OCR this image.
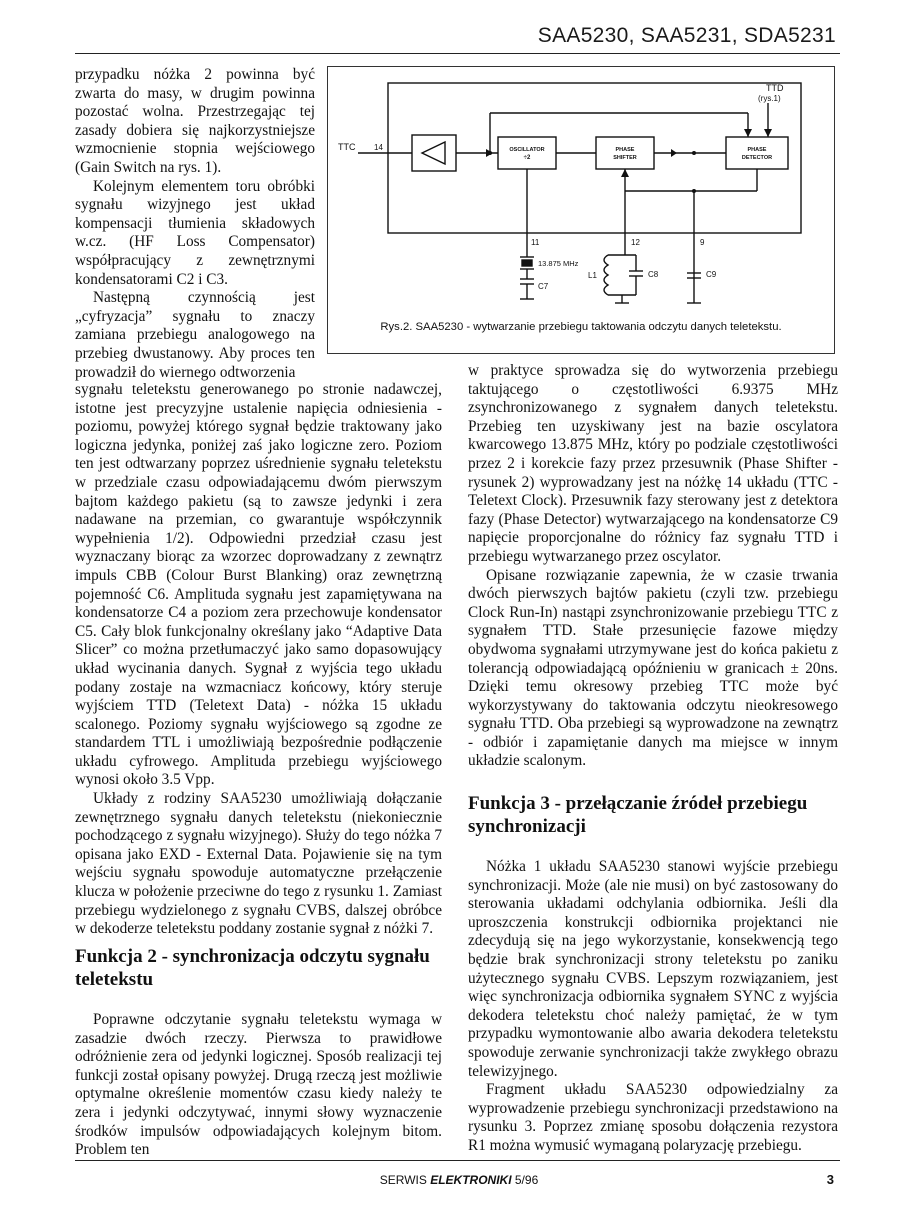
SAA5230, SAA5231, SDA5231

przypadku nóżka 2 powinna być zwarta do masy, w drugim powinna pozostać wolna. Przestrzegając tej zasady dobiera się najkorzystniejsze wzmocnienie stopnia wejściowego (Gain Switch na rys. 1).

Kolejnym elementem toru obróbki sygnału wizyjnego jest układ kompensacji tłumienia składowych w.cz. (HF Loss Compensator) współpracujący z zewnętrznymi kondensatorami C2 i C3.

Następną czynnością jest „cyfryzacja” sygnału to znaczy zamiana przebiegu analogowego na przebieg dwustanowy. Aby proces ten prowadził do wiernego odtworzenia

TTD
(rys.1)
TTC 14	OSCILLATOR
÷2
PHASE
SHIFTER
PHASE
DETECTOR
11	12	9
13.875 MHz
C7
L1	C8	C9
Rys.2. SAA5230 - wytwarzanie przebiegu taktowania odczytu danych teletekstu.

sygnału teletekstu generowanego po stronie nadawczej, istotne jest precyzyjne ustalenie napięcia odniesienia - poziomu, powyżej którego sygnał będzie traktowany jako logiczna jedynka, poniżej zaś jako logiczne zero. Poziom ten jest odtwarzany poprzez uśrednienie sygnału teletekstu w przedziale czasu odpowiadającemu dwóm pierwszym bajtom każdego pakietu (są to zawsze jedynki i zera nadawane na przemian, co gwarantuje współczynnik wypełnienia 1/2). Odpowiedni przedział czasu jest wyznaczany biorąc za wzorzec doprowadzany z zewnątrz impuls CBB (Colour Burst Blanking) oraz zewnętrzną pojemność C6. Amplituda sygnału jest zapamiętywana na kondensatorze C4 a poziom zera przechowuje kondensator C5. Cały blok funkcjonalny określany jako “Adaptive Data Slicer” co można przetłumaczyć jako samo dopasowujący układ wycinania danych. Sygnał z wyjścia tego układu podany zostaje na wzmacniacz końcowy, który steruje wyjściem TTD (Teletext Data) - nóżka 15 układu scalonego. Poziomy sygnału wyjściowego są zgodne ze standardem TTL i umożliwiają bezpośrednie podłączenie układu cyfrowego. Amplituda przebiegu wyjściowego wynosi około 3.5 Vpp.

Układy z rodziny SAA5230 umożliwiają dołączanie zewnętrznego sygnału danych teletekstu (niekoniecznie pochodzącego z sygnału wizyjnego). Służy do tego nóżka 7 opisana jako EXD - External Data. Pojawienie się na tym wejściu sygnału spowoduje automatyczne przełączenie klucza w położenie przeciwne do tego z rysunku 1. Zamiast przebiegu wydzielonego z sygnału CVBS, dalszej obróbce w dekoderze teletekstu poddany zostanie sygnał z nóżki 7.

Funkcja 2 - synchronizacja odczytu sygnału teletekstu

Poprawne odczytanie sygnału teletekstu wymaga w zasadzie dwóch rzeczy. Pierwsza to prawidłowe odróżnienie zera od jedynki logicznej. Sposób realizacji tej funkcji został opisany powyżej. Drugą rzeczą jest możliwie optymalne określenie momentów czasu kiedy należy te zera i jedynki odczytywać, innymi słowy wyznaczenie środków impulsów odpowiadających kolejnym bitom. Problem ten

w praktyce sprowadza się do wytworzenia przebiegu taktującego o częstotliwości 6.9375 MHz zsynchronizowanego z sygnałem danych teletekstu. Przebieg ten uzyskiwany jest na bazie oscylatora kwarcowego 13.875 MHz, który po podziale częstotliwości przez 2 i korekcie fazy przez przesuwnik (Phase Shifter - rysunek 2) wyprowadzany jest na nóżkę 14 układu (TTC - Teletext Clock). Przesuwnik fazy sterowany jest z detektora fazy (Phase Detector) wytwarzającego na kondensatorze C9 napięcie proporcjonalne do różnicy faz sygnału TTD i przebiegu wytwarzanego przez oscylator.

Opisane rozwiązanie zapewnia, że w czasie trwania dwóch pierwszych bajtów pakietu (czyli tzw. przebiegu Clock Run-In) nastąpi zsynchronizowanie przebiegu TTC z sygnałem TTD. Stałe przesunięcie fazowe między obydwoma sygnałami utrzymywane jest do końca pakietu z tolerancją odpowiadającą opóźnieniu w granicach ± 20ns. Dzięki temu okresowy przebieg TTC może być wykorzystywany do taktowania odczytu nieokresowego sygnału TTD. Oba przebiegi są wyprowadzone na zewnątrz - odbiór i zapamiętanie danych ma miejsce w innym układzie scalonym.

Funkcja 3 - przełączanie źródeł przebiegu synchronizacji

Nóżka 1 układu SAA5230 stanowi wyjście przebiegu synchronizacji. Może (ale nie musi) on być zastosowany do sterowania układami odchylania odbiornika. Jeśli dla uproszczenia konstrukcji odbiornika projektanci nie zdecydują się na jego wykorzystanie, konsekwencją tego będzie brak synchronizacji strony teletekstu po zaniku użytecznego sygnału CVBS. Lepszym rozwiązaniem, jest więc synchronizacja odbiornika sygnałem SYNC z wyjścia dekodera teletekstu choć należy pamiętać, że w tym przypadku wymontowanie albo awaria dekodera teletekstu spowoduje zerwanie synchronizacji także zwykłego obrazu telewizyjnego.

Fragment układu SAA5230 odpowiedzialny za wyprowadzenie przebiegu synchronizacji przedstawiono na rysunku 3. Poprzez zmianę sposobu dołączenia rezystora R1 można wymusić wymaganą polaryzację przebiegu.

SERWIS ELEKTRONIKI 5/96	3
